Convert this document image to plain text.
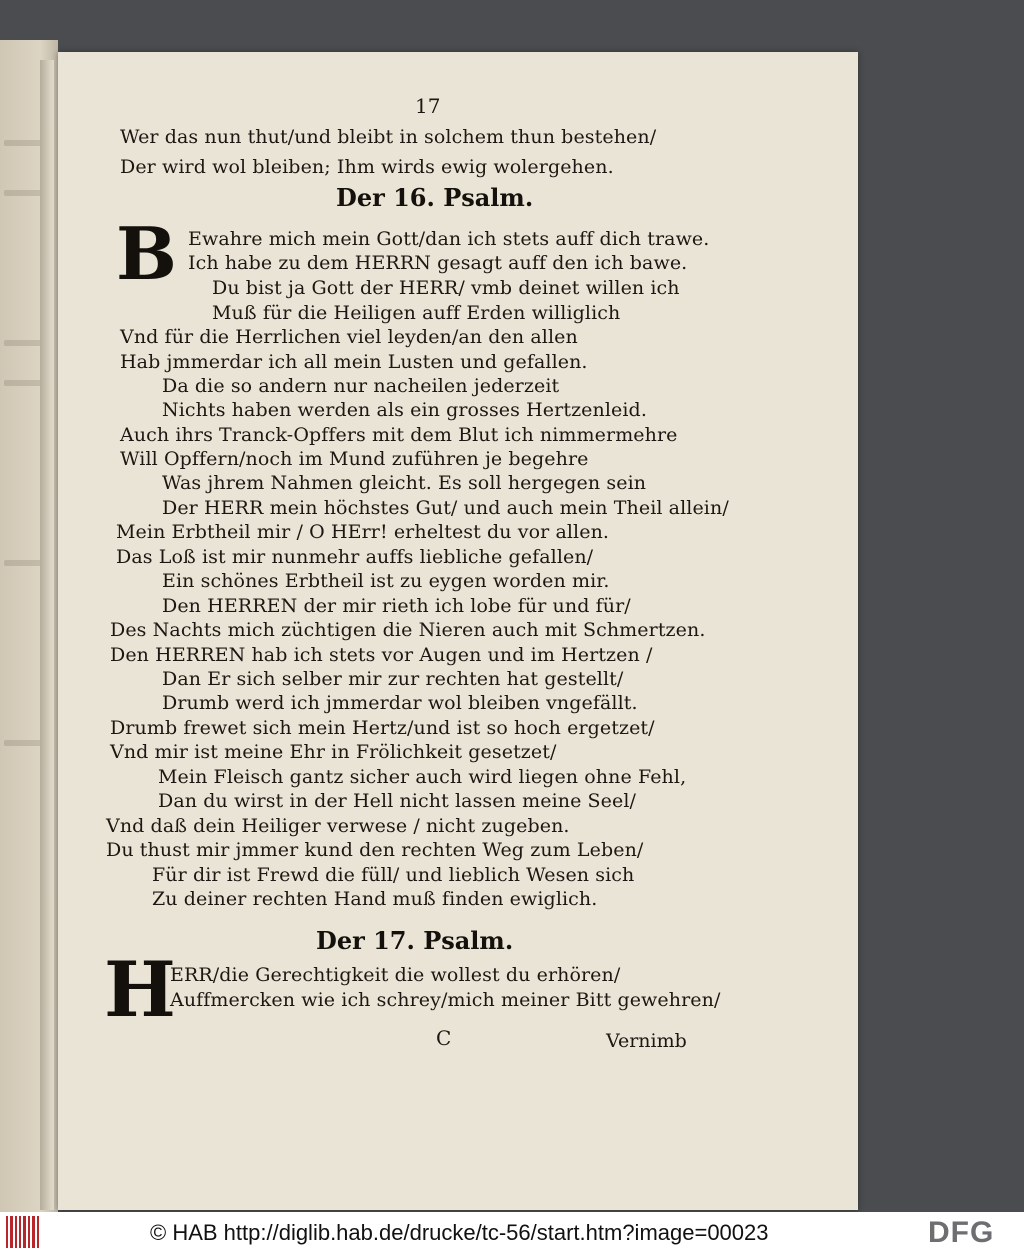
17
Wer das nun thut/und bleibt in solchem thun bestehen/
Der wird wol bleiben; Ihm wirds ewig wolergehen.
Der 16. Psalm.
B Ewahre mich mein Gott/dan ich stets auff dich trawe.
Ich habe zu dem HERRN gesagt auff den ich bawe.
Du bist ja Gott der HERR/ vmb deinet willen ich
Muß für die Heiligen auff Erden williglich
Vnd für die Herrlichen viel leyden/an den allen
Hab jmmerdar ich all mein Lusten und gefallen.
Da die so andern nur nacheilen jederzeit
Nichts haben werden als ein grosses Hertzenleid.
Auch ihrs Tranck-Opffers mit dem Blut ich nimmermehre
Will Opffern/noch im Mund zuführen je begehre
Was jhrem Nahmen gleicht. Es soll hergegen sein
Der HERR mein höchstes Gut/ und auch mein Theil allein/
Mein Erbtheil mir / O HErr! erheltest du vor allen.
Das Loß ist mir nunmehr auffs liebliche gefallen/
Ein schönes Erbtheil ist zu eygen worden mir.
Den HERREN der mir rieth ich lobe für und für/
Des Nachts mich züchtigen die Nieren auch mit Schmertzen.
Den HERREN hab ich stets vor Augen und im Hertzen /
Dan Er sich selber mir zur rechten hat gestellt/
Drumb werd ich jmmerdar wol bleiben vngefällt.
Drumb frewet sich mein Hertz/und ist so hoch ergetzet/
Vnd mir ist meine Ehr in Frölichkeit gesetzet/
Mein Fleisch gantz sicher auch wird liegen ohne Fehl,
Dan du wirst in der Hell nicht lassen meine Seel/
Vnd daß dein Heiliger verwese / nicht zugeben.
Du thust mir jmmer kund den rechten Weg zum Leben/
Für dir ist Frewd die füll/ und lieblich Wesen sich
Zu deiner rechten Hand muß finden ewiglich.
Der 17. Psalm.
H
ERR/die Gerechtigkeit die wollest du erhören/
Auffmercken wie ich schrey/mich meiner Bitt gewehren/
C	Vernimb
© HAB http://diglib.hab.de/drucke/tc-56/start.htm?image=00023	DFG
